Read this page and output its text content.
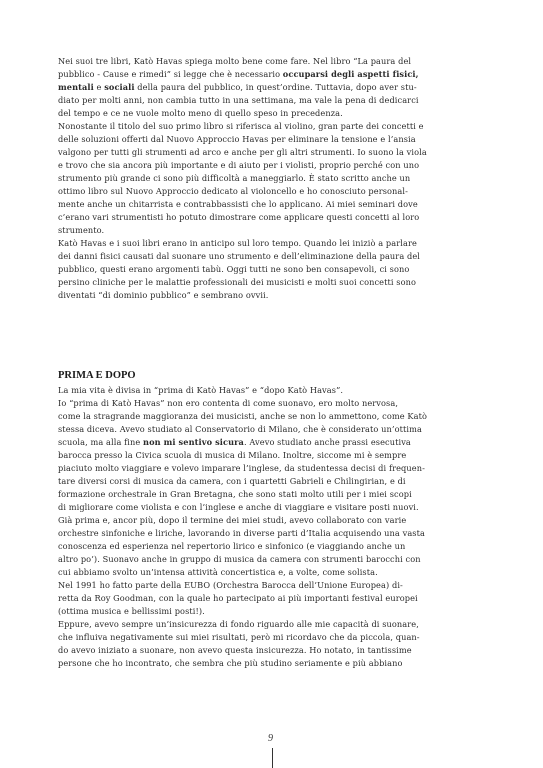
Nei suoi tre libri, Katò Havas spiega molto bene come fare. Nel libro “La paura del
pubblico - Cause e rimedi” si legge che è necessario occuparsi degli aspetti fisici,
mentali e sociali della paura del pubblico, in quest’ordine. Tuttavia, dopo aver stu-
diato per molti anni, non cambia tutto in una settimana, ma vale la pena di dedicarci
del tempo e ce ne vuole molto meno di quello speso in precedenza.
Nonostante il titolo del suo primo libro si riferisca al violino, gran parte dei concetti e
delle soluzioni offerti dal Nuovo Approccio Havas per eliminare la tensione e l’ansia
valgono per tutti gli strumenti ad arco e anche per gli altri strumenti. Io suono la viola
e trovo che sia ancora più importante e di aiuto per i violisti, proprio perché con uno
strumento più grande ci sono più difficoltà a maneggiarlo. È stato scritto anche un
ottimo libro sul Nuovo Approccio dedicato al violoncello e ho conosciuto personal-
mente anche un chitarrista e contrabbassisti che lo applicano. Ai miei seminari dove
c’erano vari strumentisti ho potuto dimostrare come applicare questi concetti al loro
strumento.
Katò Havas e i suoi libri erano in anticipo sul loro tempo. Quando lei iniziò a parlare
dei danni fisici causati dal suonare uno strumento e dell’eliminazione della paura del
pubblico, questi erano argomenti tabù. Oggi tutti ne sono ben consapevoli, ci sono
persino cliniche per le malattie professionali dei musicisti e molti suoi concetti sono
diventati “di dominio pubblico” e sembrano ovvii.
PRIMA E DOPO
La mia vita è divisa in “prima di Katò Havas” e “dopo Katò Havas”.
Io “prima di Katò Havas” non ero contenta di come suonavo, ero molto nervosa,
come la stragrande maggioranza dei musicisti, anche se non lo ammettono, come Katò
stessa diceva. Avevo studiato al Conservatorio di Milano, che è considerato un’ottima
scuola, ma alla fine non mi sentivo sicura. Avevo studiato anche prassi esecutiva
barocca presso la Civica scuola di musica di Milano. Inoltre, siccome mi è sempre
piaciuto molto viaggiare e volevo imparare l’inglese, da studentessa decisi di frequen-
tare diversi corsi di musica da camera, con i quartetti Gabrieli e Chilingirian, e di
formazione orchestrale in Gran Bretagna, che sono stati molto utili per i miei scopi
di migliorare come violista e con l’inglese e anche di viaggiare e visitare posti nuovi.
Già prima e, ancor più, dopo il termine dei miei studi, avevo collaborato con varie
orchestre sinfoniche e liriche, lavorando in diverse parti d’Italia acquisendo una vasta
conoscenza ed esperienza nel repertorio lirico e sinfonico (e viaggiando anche un
altro po’). Suonavo anche in gruppo di musica da camera con strumenti barocchi con
cui abbiamo svolto un’intensa attività concertistica e, a volte, come solista.
Nel 1991 ho fatto parte della EUBO (Orchestra Barocca dell’Unione Europea) di-
retta da Roy Goodman, con la quale ho partecipato ai più importanti festival europei
(ottima musica e bellissimi posti!).
Eppure, avevo sempre un’insicurezza di fondo riguardo alle mie capacità di suonare,
che influiva negativamente sui miei risultati, però mi ricordavo che da piccola, quan-
do avevo iniziato a suonare, non avevo questa insicurezza. Ho notato, in tantissime
persone che ho incontrato, che sembra che più studino seriamente e più abbiano
9
